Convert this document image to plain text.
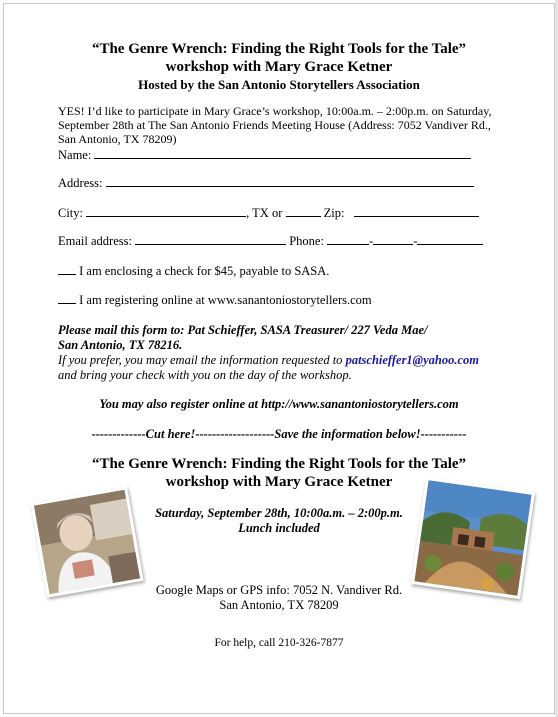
“The Genre Wrench: Finding the Right Tools for the Tale”
workshop with Mary Grace Ketner
Hosted by the San Antonio Storytellers Association
YES! I’d like to participate in Mary Grace’s workshop, 10:00a.m. – 2:00p.m. on Saturday, September 28th at The San Antonio Friends Meeting House (Address: 7052 Vandiver Rd., San Antonio, TX 78209)
Name:
Address:
City:	, TX or	Zip:
Email address:	Phone:	-	-
I am enclosing a check for $45, payable to SASA.
I am registering online at www.sanantoniostorytellers.com
Please mail this form to: Pat Schieffer, SASA Treasurer/ 227 Veda Mae/
San Antonio, TX 78216.
If you prefer, you may email the information requested to patschieffer1@yahoo.com
and bring your check with you on the day of the workshop.
You may also register online at http://www.sanantoniostorytellers.com
-------------Cut here!-------------------Save the information below!-----------
“The Genre Wrench: Finding the Right Tools for the Tale”
workshop with Mary Grace Ketner
Saturday, September 28th, 10:00a.m. – 2:00p.m.
Lunch included
Google Maps or GPS info: 7052 N. Vandiver Rd.
San Antonio, TX 78209
For help, call 210-326-7877
